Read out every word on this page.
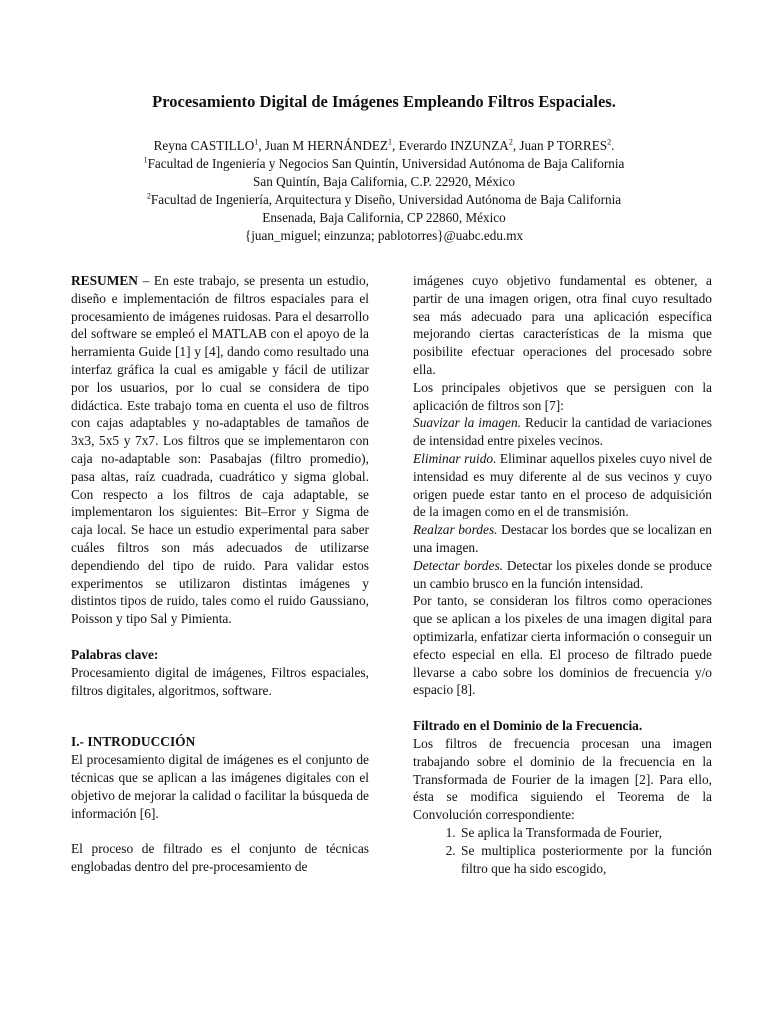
Procesamiento Digital de Imágenes Empleando Filtros Espaciales.
Reyna CASTILLO$^1$, Juan M HERNÁNDEZ$^1$, Everardo INZUNZA$^2$, Juan P TORRES$^2$.
$^1$Facultad de Ingeniería y Negocios San Quintín, Universidad Autónoma de Baja California
San Quintín, Baja California, C.P. 22920, México
$^2$Facultad de Ingeniería, Arquitectura y Diseño, Universidad Autónoma de Baja California
Ensenada, Baja California, CP 22860, México
{juan_miguel; einzunza; pablotorres}@uabc.edu.mx

RESUMEN – En este trabajo, se presenta un estudio, diseño e implementación de filtros espaciales para el procesamiento de imágenes ruidosas. Para el desarrollo del software se empleó el MATLAB con el apoyo de la herramienta Guide [1] y [4], dando como resultado una interfaz gráfica la cual es amigable y fácil de utilizar por los usuarios, por lo cual se considera de tipo didáctica. Este trabajo toma en cuenta el uso de filtros con cajas adaptables y no-adaptables de tamaños de 3x3, 5x5 y 7x7. Los filtros que se implementaron con caja no-adaptable son: Pasabajas (filtro promedio), pasa altas, raíz cuadrada, cuadrático y sigma global. Con respecto a los filtros de caja adaptable, se implementaron los siguientes: Bit–Error y Sigma de caja local. Se hace un estudio experimental para saber cuáles filtros son más adecuados de utilizarse dependiendo del tipo de ruido. Para validar estos experimentos se utilizaron distintas imágenes y distintos tipos de ruido, tales como el ruido Gaussiano, Poisson y tipo Sal y Pimienta.

Palabras clave:

Procesamiento digital de imágenes, Filtros espaciales, filtros digitales, algoritmos, software.

I.- INTRODUCCIÓN

El procesamiento digital de imágenes es el conjunto de técnicas que se aplican a las imágenes digitales con el objetivo de mejorar la calidad o facilitar la búsqueda de información [6].

El proceso de filtrado es el conjunto de técnicas englobadas dentro del pre-procesamiento de

imágenes cuyo objetivo fundamental es obtener, a partir de una imagen origen, otra final cuyo resultado sea más adecuado para una aplicación específica mejorando ciertas características de la misma que posibilite efectuar operaciones del procesado sobre ella.

Los principales objetivos que se persiguen con la aplicación de filtros son [7]:

Suavizar la imagen. Reducir la cantidad de variaciones de intensidad entre pixeles vecinos.

Eliminar ruido. Eliminar aquellos pixeles cuyo nivel de intensidad es muy diferente al de sus vecinos y cuyo origen puede estar tanto en el proceso de adquisición de la imagen como en el de transmisión.

Realzar bordes. Destacar los bordes que se localizan en una imagen.

Detectar bordes. Detectar los pixeles donde se produce un cambio brusco en la función intensidad.

Por tanto, se consideran los filtros como operaciones que se aplican a los pixeles de una imagen digital para optimizarla, enfatizar cierta información o conseguir un efecto especial en ella. El proceso de filtrado puede llevarse a cabo sobre los dominios de frecuencia y/o espacio [8].

Filtrado en el Dominio de la Frecuencia.

Los filtros de frecuencia procesan una imagen trabajando sobre el dominio de la frecuencia en la Transformada de Fourier de la imagen [2]. Para ello, ésta se modifica siguiendo el Teorema de la Convolución correspondiente:

1. Se aplica la Transformada de Fourier,
2. Se multiplica posteriormente por la función filtro que ha sido escogido,
